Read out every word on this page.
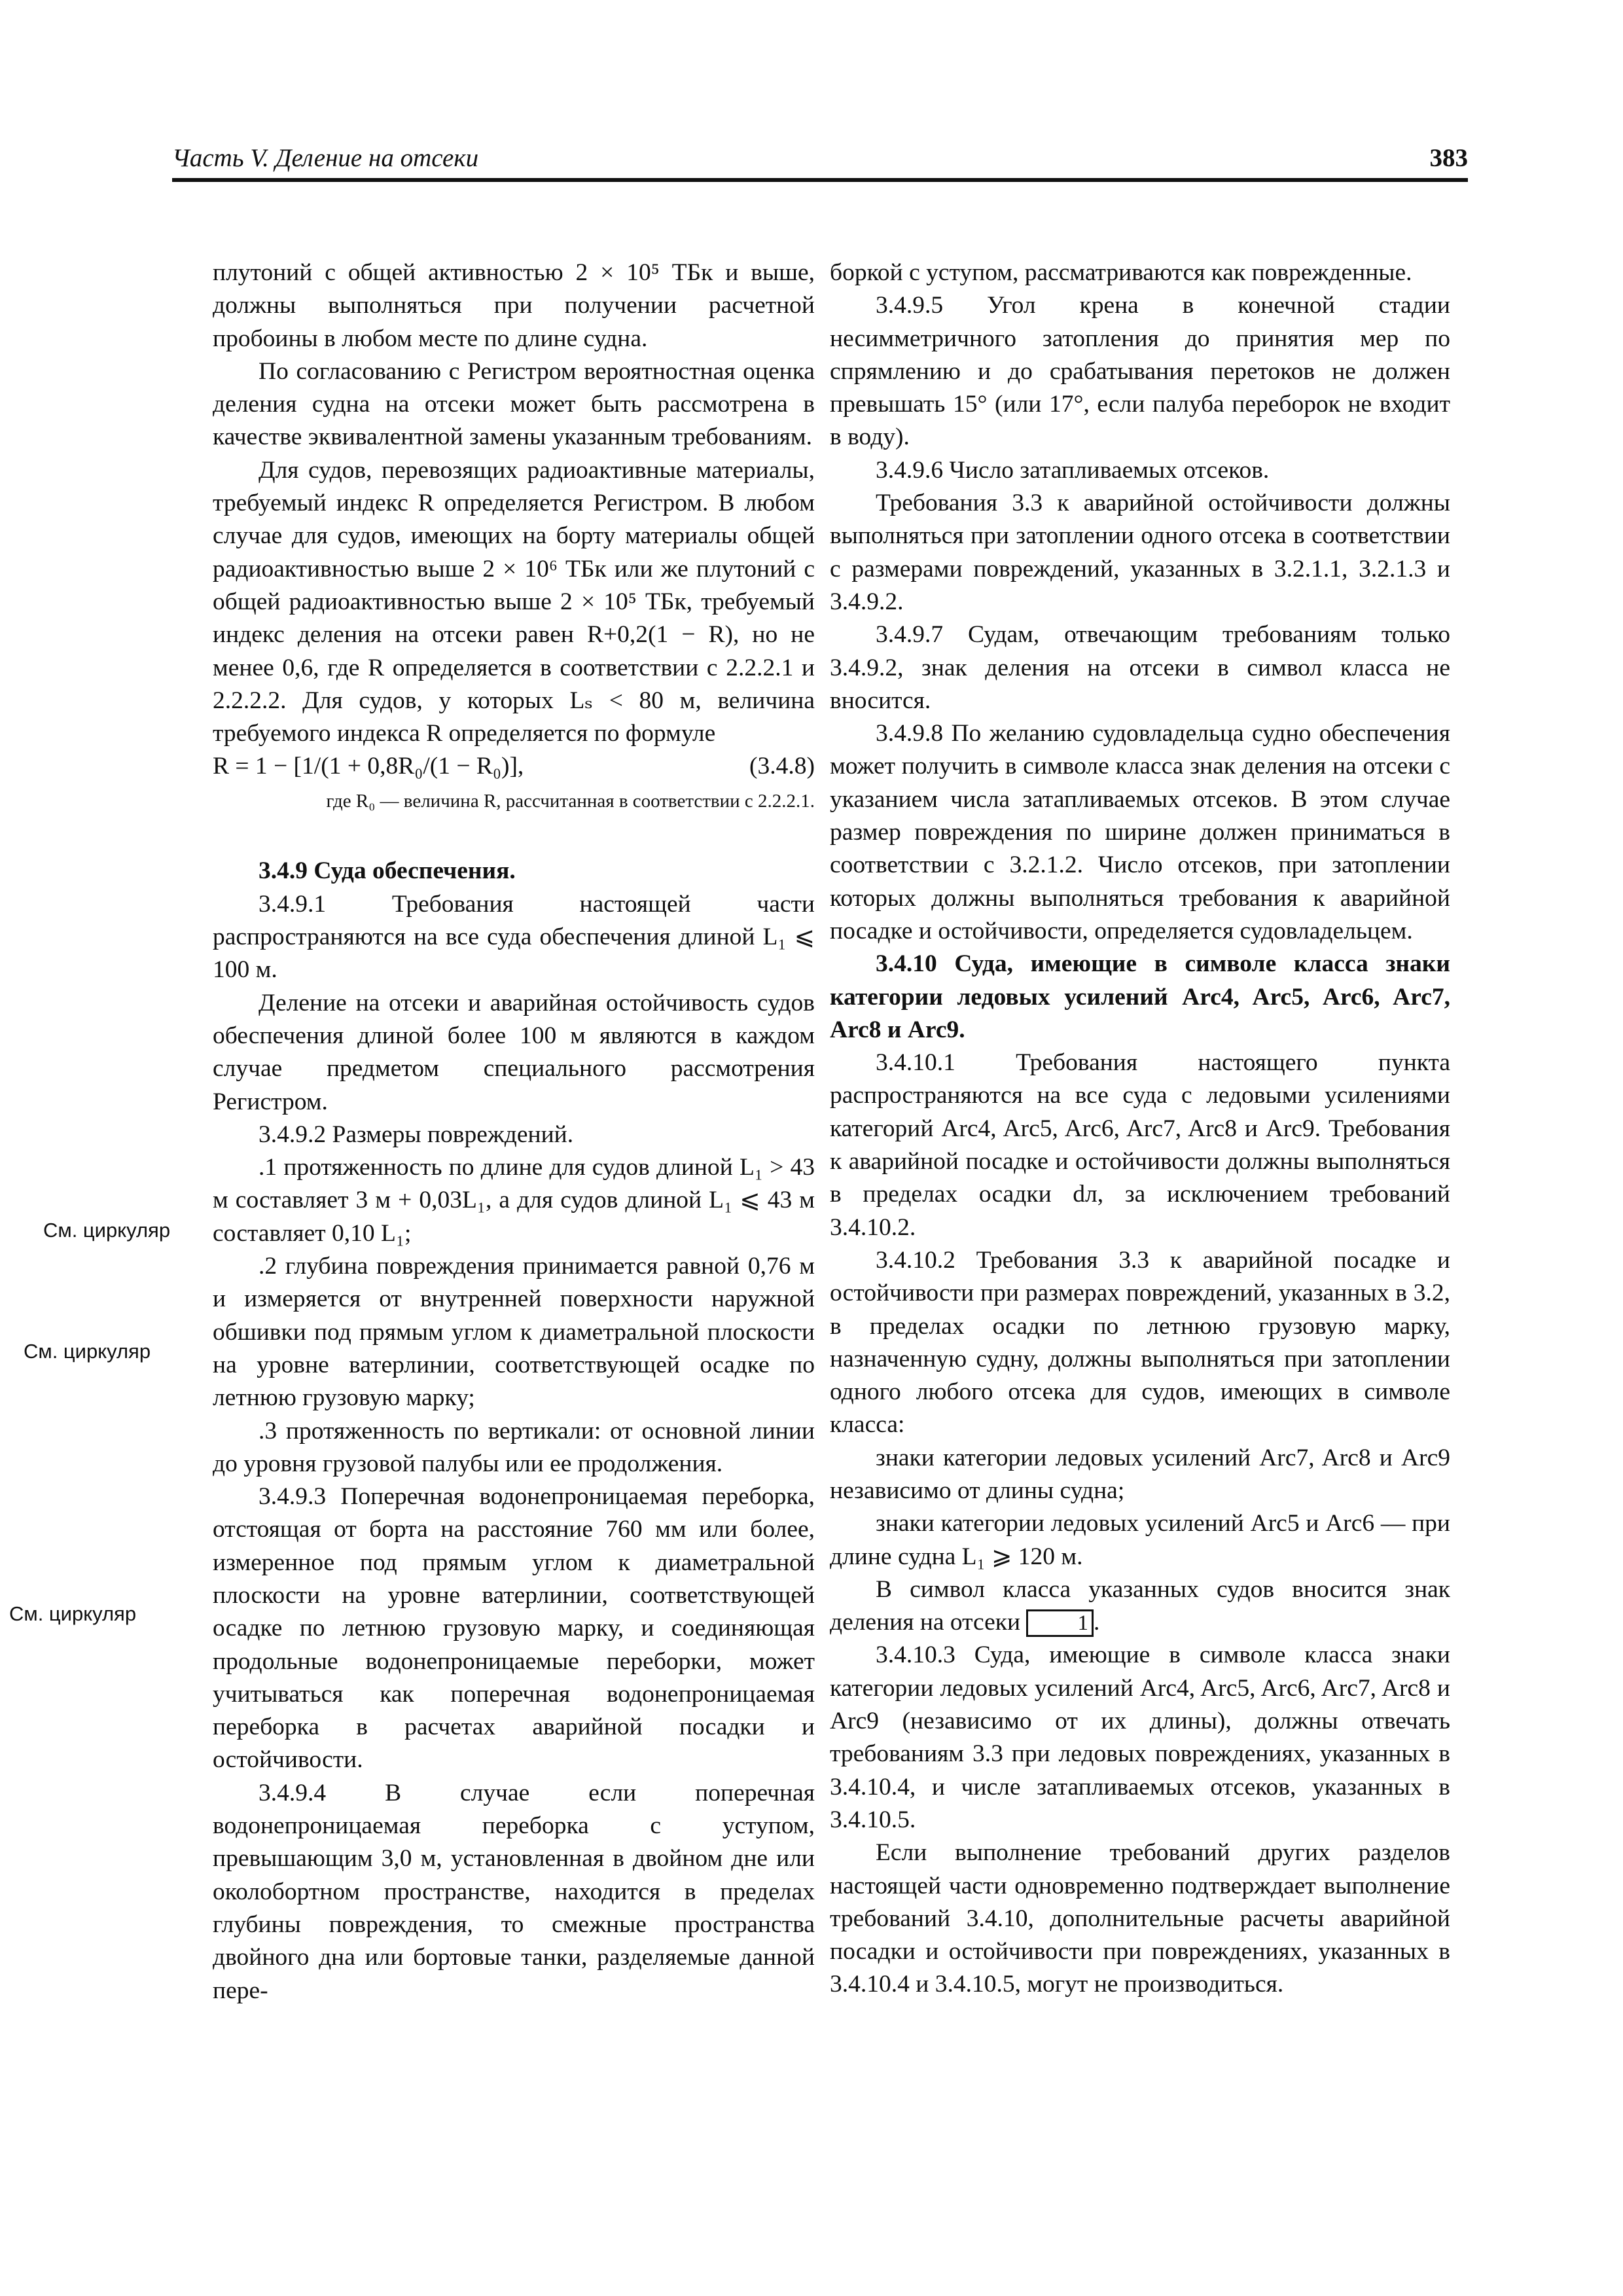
Часть V. Деление на отсеки	383
См. циркуляр
См. циркуляр
См. циркуляр

плутоний с общей активностью 2 × 10⁵ ТБк и выше, должны выполняться при получении расчетной пробоины в любом месте по длине судна.

По согласованию с Регистром вероятностная оценка деления судна на отсеки может быть рассмотрена в качестве эквивалентной замены указанным требованиям.

Для судов, перевозящих радиоактивные материалы, требуемый индекс R определяется Регистром. В любом случае для судов, имеющих на борту материалы общей радиоактивностью выше 2 × 10⁶ ТБк или же плутоний с общей радиоактивностью выше 2 × 10⁵ ТБк, требуемый индекс деления на отсеки равен R+0,2(1 − R), но не менее 0,6, где R определяется в соответствии с 2.2.2.1 и 2.2.2.2. Для судов, у которых Lₛ < 80 м, величина требуемого индекса R определяется по формуле

R = 1 − [1/(1 + 0,8R₀/(1 − R₀)],	(3.4.8)

где R₀ — величина R, рассчитанная в соответствии с 2.2.2.1.

3.4.9 Суда обеспечения.

3.4.9.1 Требования настоящей части распространяются на все суда обеспечения длиной L₁ ⩽ 100 м.

Деление на отсеки и аварийная остойчивость судов обеспечения длиной более 100 м являются в каждом случае предметом специального рассмотрения Регистром.

3.4.9.2 Размеры повреждений.

.1 протяженность по длине для судов длиной L₁ > 43 м составляет 3 м + 0,03L₁, а для судов длиной L₁ ⩽ 43 м составляет 0,10 L₁;

.2 глубина повреждения принимается равной 0,76 м и измеряется от внутренней поверхности наружной обшивки под прямым углом к диаметральной плоскости на уровне ватерлинии, соответствующей осадке по летнюю грузовую марку;

.3 протяженность по вертикали: от основной линии до уровня грузовой палубы или ее продолжения.

3.4.9.3 Поперечная водонепроницаемая переборка, отстоящая от борта на расстояние 760 мм или более, измеренное под прямым углом к диаметральной плоскости на уровне ватерлинии, соответствующей осадке по летнюю грузовую марку, и соединяющая продольные водонепроницаемые переборки, может учитываться как поперечная водонепроницаемая переборка в расчетах аварийной посадки и остойчивости.

3.4.9.4 В случае если поперечная водонепроницаемая переборка с уступом, превышающим 3,0 м, установленная в двойном дне или околобортном пространстве, находится в пределах глубины повреждения, то смежные пространства двойного дна или бортовые танки, разделяемые данной пере-

боркой с уступом, рассматриваются как поврежденные.

3.4.9.5 Угол крена в конечной стадии несимметричного затопления до принятия мер по спрямлению и до срабатывания перетоков не должен превышать 15° (или 17°, если палуба переборок не входит в воду).

3.4.9.6 Число затапливаемых отсеков.

Требования 3.3 к аварийной остойчивости должны выполняться при затоплении одного отсека в соответствии с размерами повреждений, указанных в 3.2.1.1, 3.2.1.3 и 3.4.9.2.

3.4.9.7 Судам, отвечающим требованиям только 3.4.9.2, знак деления на отсеки в символ класса не вносится.

3.4.9.8 По желанию судовладельца судно обеспечения может получить в символе класса знак деления на отсеки с указанием числа затапливаемых отсеков. В этом случае размер повреждения по ширине должен приниматься в соответствии с 3.2.1.2. Число отсеков, при затоплении которых должны выполняться требования к аварийной посадке и остойчивости, определяется судовладельцем.

3.4.10 Суда, имеющие в символе класса знаки категории ледовых усилений Arc4, Arc5, Arc6, Arc7, Arc8 и Arc9.

3.4.10.1 Требования настоящего пункта распространяются на все суда с ледовыми усилениями категорий Arc4, Arc5, Arc6, Arc7, Arc8 и Arc9. Требования к аварийной посадке и остойчивости должны выполняться в пределах осадки dл, за исключением требований 3.4.10.2.

3.4.10.2 Требования 3.3 к аварийной посадке и остойчивости при размерах повреждений, указанных в 3.2, в пределах осадки по летнюю грузовую марку, назначенную судну, должны выполняться при затоплении одного любого отсека для судов, имеющих в символе класса:

знаки категории ледовых усилений Arc7, Arc8 и Arc9 независимо от длины судна;

знаки категории ледовых усилений Arc5 и Arc6 — при длине судна L₁ ⩾ 120 м.

В символ класса указанных судов вносится знак деления на отсеки	1 .

3.4.10.3 Суда, имеющие в символе класса знаки категории ледовых усилений Arc4, Arc5, Arc6, Arc7, Arc8 и Arc9 (независимо от их длины), должны отвечать требованиям 3.3 при ледовых повреждениях, указанных в 3.4.10.4, и числе затапливаемых отсеков, указанных в 3.4.10.5.

Если выполнение требований других разделов настоящей части одновременно подтверждает выполнение требований 3.4.10, дополнительные расчеты аварийной посадки и остойчивости при повреждениях, указанных в 3.4.10.4 и 3.4.10.5, могут не производиться.
